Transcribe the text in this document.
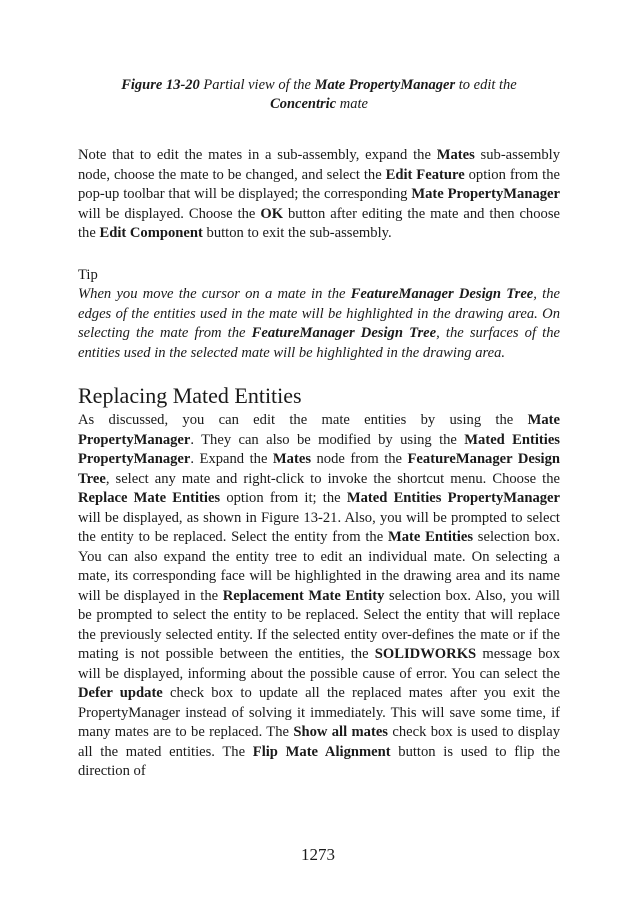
Figure 13-20 Partial view of the Mate PropertyManager to edit the
Concentric mate

Note that to edit the mates in a sub-assembly, expand the Mates sub-assembly node, choose the mate to be changed, and select the Edit Feature option from the pop-up toolbar that will be displayed; the corresponding Mate PropertyManager will be displayed. Choose the OK button after editing the mate and then choose the Edit Component button to exit the sub-assembly.

Tip

When you move the cursor on a mate in the FeatureManager Design Tree, the edges of the entities used in the mate will be highlighted in the drawing area. On selecting the mate from the FeatureManager Design Tree, the surfaces of the entities used in the selected mate will be highlighted in the drawing area.

Replacing Mated Entities

As discussed, you can edit the mate entities by using the Mate PropertyManager. They can also be modified by using the Mated Entities PropertyManager. Expand the Mates node from the FeatureManager Design Tree, select any mate and right-click to invoke the shortcut menu. Choose the Replace Mate Entities option from it; the Mated Entities PropertyManager will be displayed, as shown in Figure 13-21. Also, you will be prompted to select the entity to be replaced. Select the entity from the Mate Entities selection box. You can also expand the entity tree to edit an individual mate. On selecting a mate, its corresponding face will be highlighted in the drawing area and its name will be displayed in the Replacement Mate Entity selection box. Also, you will be prompted to select the entity to be replaced. Select the entity that will replace the previously selected entity. If the selected entity over-defines the mate or if the mating is not possible between the entities, the SOLIDWORKS message box will be displayed, informing about the possible cause of error. You can select the Defer update check box to update all the replaced mates after you exit the PropertyManager instead of solving it immediately. This will save some time, if many mates are to be replaced. The Show all mates check box is used to display all the mated entities. The Flip Mate Alignment button is used to flip the direction of

1273
